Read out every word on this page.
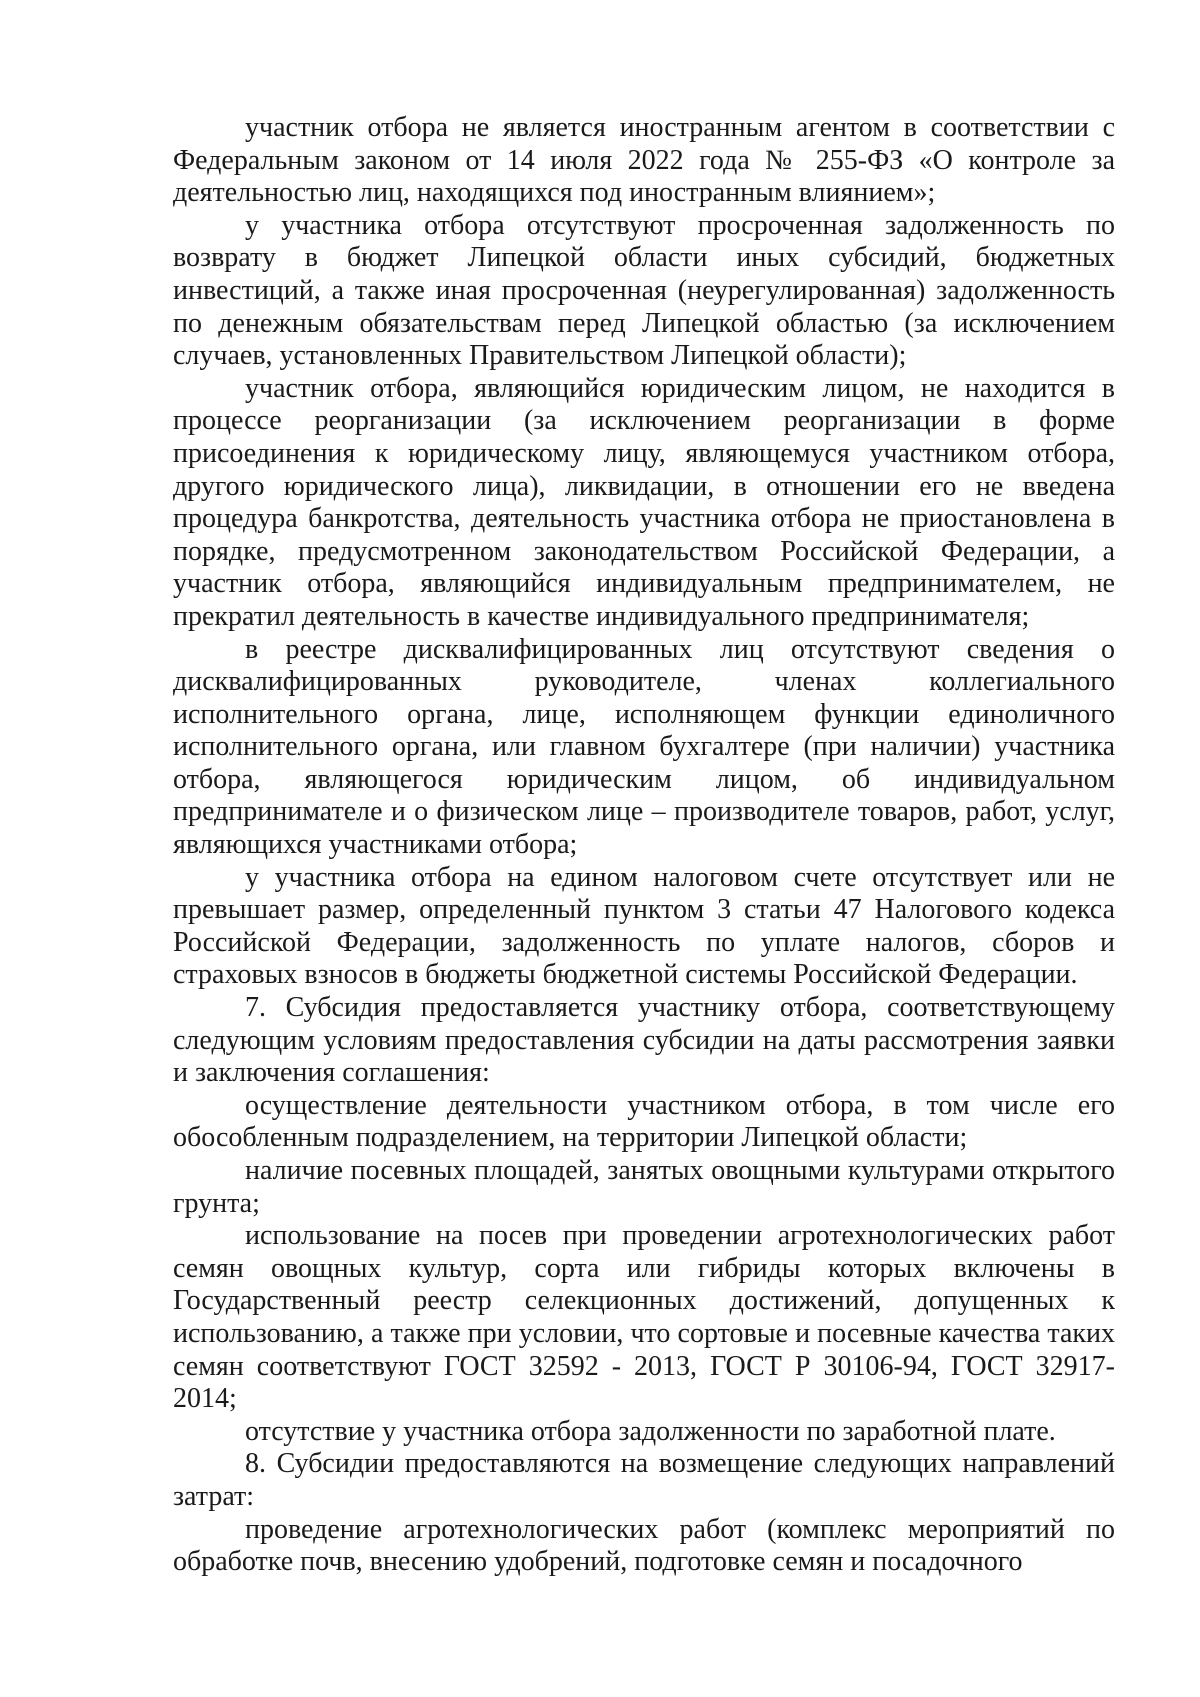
участник отбора не является иностранным агентом в соответствии с Федеральным законом от 14 июля 2022 года № 255-ФЗ «О контроле за деятельностью лиц, находящихся под иностранным влиянием»;

у участника отбора отсутствуют просроченная задолженность по возврату в бюджет Липецкой области иных субсидий, бюджетных инвестиций, а также иная просроченная (неурегулированная) задолженность по денежным обязательствам перед Липецкой областью (за исключением случаев, установленных Правительством Липецкой области);

участник отбора, являющийся юридическим лицом, не находится в процессе реорганизации (за исключением реорганизации в форме присоединения к юридическому лицу, являющемуся участником отбора, другого юридического лица), ликвидации, в отношении его не введена процедура банкротства, деятельность участника отбора не приостановлена в порядке, предусмотренном законодательством Российской Федерации, а участник отбора, являющийся индивидуальным предпринимателем, не прекратил деятельность в качестве индивидуального предпринимателя;

в реестре дисквалифицированных лиц отсутствуют сведения о дисквалифицированных руководителе, членах коллегиального исполнительного органа, лице, исполняющем функции единоличного исполнительного органа, или главном бухгалтере (при наличии) участника отбора, являющегося юридическим лицом, об индивидуальном предпринимателе и о физическом лице – производителе товаров, работ, услуг, являющихся участниками отбора;

у участника отбора на едином налоговом счете отсутствует или не превышает размер, определенный пунктом 3 статьи 47 Налогового кодекса Российской Федерации, задолженность по уплате налогов, сборов и страховых взносов в бюджеты бюджетной системы Российской Федерации.

7. Субсидия предоставляется участнику отбора, соответствующему следующим условиям предоставления субсидии на даты рассмотрения заявки и заключения соглашения:

осуществление деятельности участником отбора, в том числе его обособленным подразделением, на территории Липецкой области;

наличие посевных площадей, занятых овощными культурами открытого грунта;

использование на посев при проведении агротехнологических работ семян овощных культур, сорта или гибриды которых включены в Государственный реестр селекционных достижений, допущенных к использованию, а также при условии, что сортовые и посевные качества таких семян соответствуют ГОСТ 32592 - 2013, ГОСТ Р 30106-94, ГОСТ 32917-2014;

отсутствие у участника отбора задолженности по заработной плате.

8. Субсидии предоставляются на возмещение следующих направлений затрат:

проведение агротехнологических работ (комплекс мероприятий по обработке почв, внесению удобрений, подготовке семян и посадочного
